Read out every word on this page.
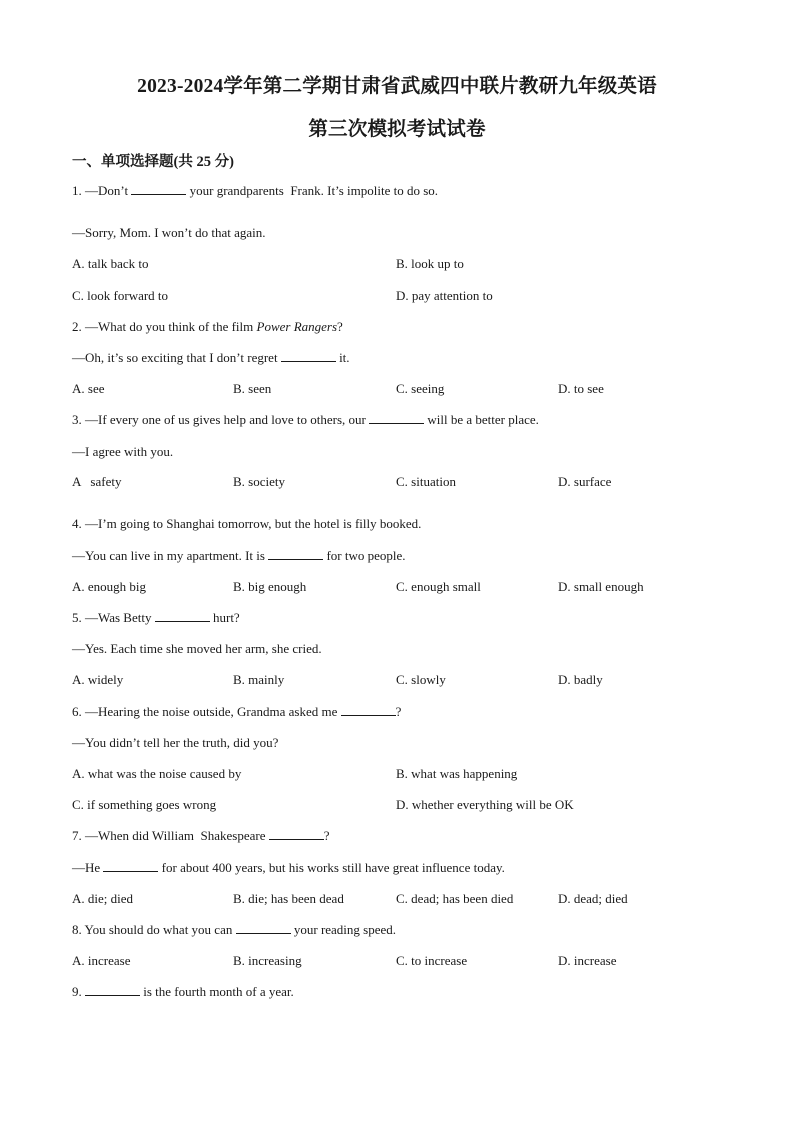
2023-2024学年第二学期甘肃省武威四中联片教研九年级英语
第三次模拟考试试卷
一、单项选择题(共 25 分)
1. —Don’t	your grandparents  Frank. It’s impolite to do so.
—Sorry, Mom. I won’t do that again.
A. talk back to	B. look up to
C. look forward to	D. pay attention to
2. —What do you think of the film Power Rangers?
—Oh, it’s so exciting that I don’t regret	it.
A. see	B. seen	C. seeing	D. to see
3. —If every one of us gives help and love to others, our	will be a better place.
—I agree with you.
A   safety	B. society	C. situation	D. surface
4. —I’m going to Shanghai tomorrow, but the hotel is filly booked.
—You can live in my apartment. It is	for two people.
A. enough big	B. big enough	C. enough small	D. small enough
5. —Was Betty	hurt?
—Yes. Each time she moved her arm, she cried.
A. widely	B. mainly	C. slowly	D. badly
6. —Hearing the noise outside, Grandma asked me	?
—You didn’t tell her the truth, did you?
A. what was the noise caused by	B. what was happening
C. if something goes wrong	D. whether everything will be OK
7. —When did William  Shakespeare	?
—He	for about 400 years, but his works still have great influence today.
A. die; died	B. die; has been dead	C. dead; has been died	D. dead; died
8. You should do what you can	your reading speed.
A. increase	B. increasing	C. to increase	D. increase
9.	is the fourth month of a year.
